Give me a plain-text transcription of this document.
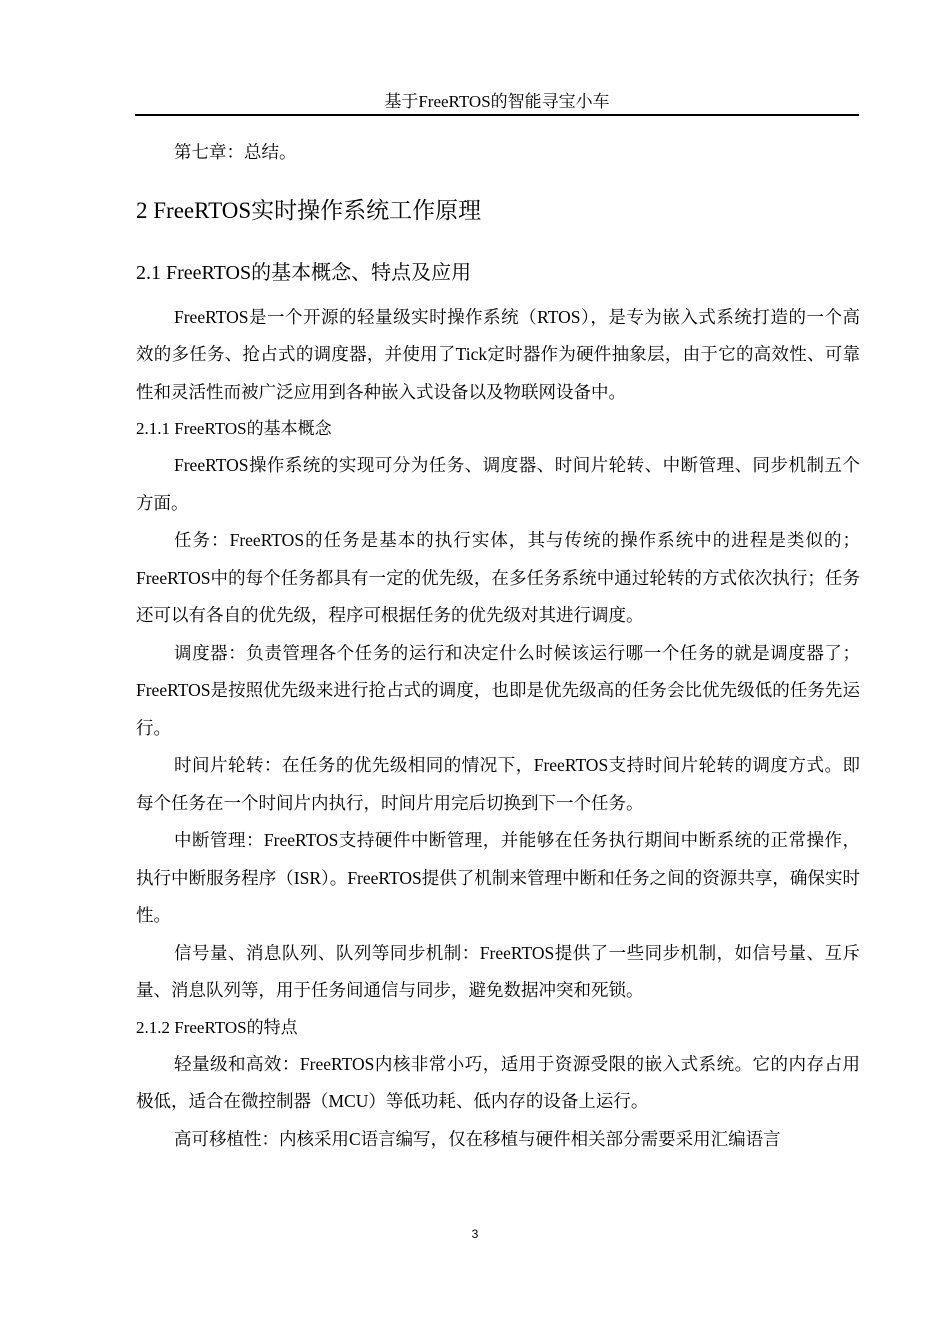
基于FreeRTOS的智能寻宝小车

第七章：总结。

2 FreeRTOS实时操作系统工作原理
2.1 FreeRTOS的基本概念、特点及应用

FreeRTOS是一个开源的轻量级实时操作系统（RTOS），是专为嵌入式系统打造的一个高效的多任务、抢占式的调度器，并使用了Tick定时器作为硬件抽象层，由于它的高效性、可靠性和灵活性而被广泛应用到各种嵌入式设备以及物联网设备中。

2.1.1 FreeRTOS的基本概念

FreeRTOS操作系统的实现可分为任务、调度器、时间片轮转、中断管理、同步机制五个方面。

任务：FreeRTOS的任务是基本的执行实体，其与传统的操作系统中的进程是类似的；FreeRTOS中的每个任务都具有一定的优先级，在多任务系统中通过轮转的方式依次执行；任务还可以有各自的优先级，程序可根据任务的优先级对其进行调度。

调度器：负责管理各个任务的运行和决定什么时候该运行哪一个任务的就是调度器了；FreeRTOS是按照优先级来进行抢占式的调度，也即是优先级高的任务会比优先级低的任务先运行。

时间片轮转：在任务的优先级相同的情况下，FreeRTOS支持时间片轮转的调度方式。即每个任务在一个时间片内执行，时间片用完后切换到下一个任务。

中断管理：FreeRTOS支持硬件中断管理，并能够在任务执行期间中断系统的正常操作，执行中断服务程序（ISR）。FreeRTOS提供了机制来管理中断和任务之间的资源共享，确保实时性。

信号量、消息队列、队列等同步机制：FreeRTOS提供了一些同步机制，如信号量、互斥量、消息队列等，用于任务间通信与同步，避免数据冲突和死锁。

2.1.2 FreeRTOS的特点

轻量级和高效：FreeRTOS内核非常小巧，适用于资源受限的嵌入式系统。它的内存占用极低，适合在微控制器（MCU）等低功耗、低内存的设备上运行。

高可移植性：内核采用C语言编写，仅在移植与硬件相关部分需要采用汇编语言

3
